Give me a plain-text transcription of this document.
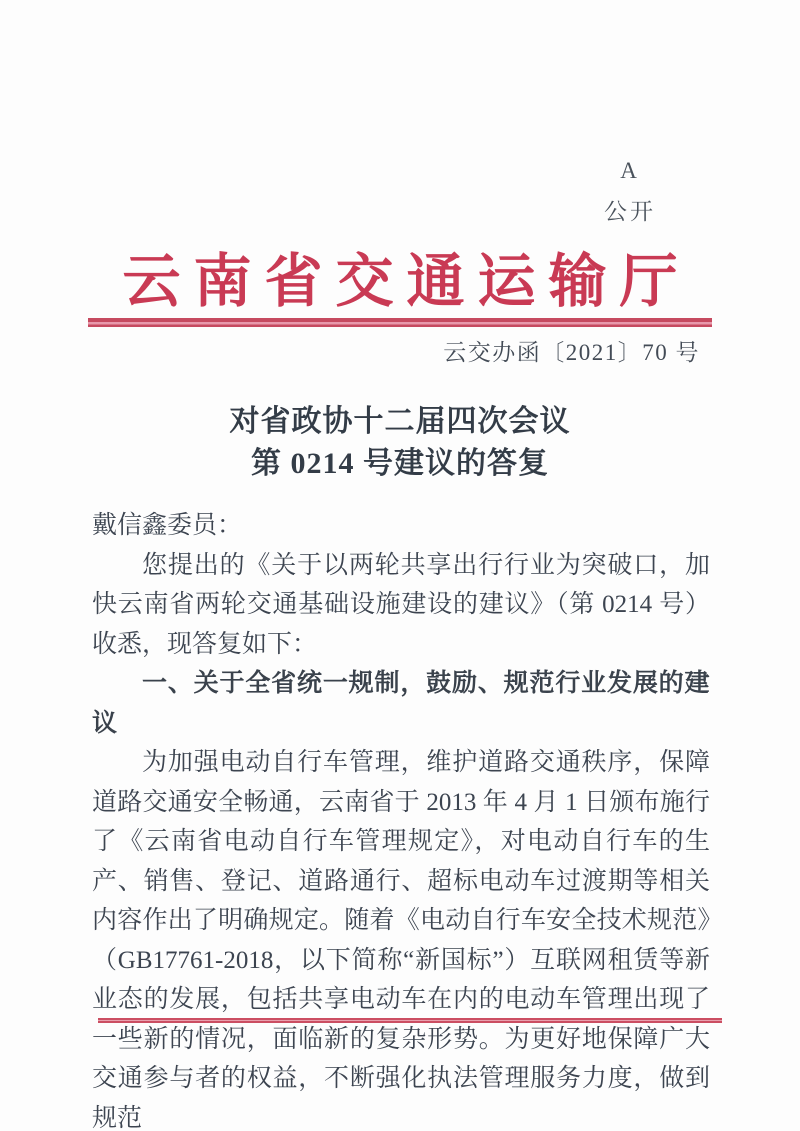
A
公开
云南省交通运输厅
云交办函〔2021〕70 号
对省政协十二届四次会议
第 0214 号建议的答复

戴信鑫委员：

您提出的《关于以两轮共享出行行业为突破口，加快云南省两轮交通基础设施建设的建议》（第 0214 号）收悉，现答复如下：

一、关于全省统一规制，鼓励、规范行业发展的建议

为加强电动自行车管理，维护道路交通秩序，保障道路交通安全畅通，云南省于 2013 年 4 月 1 日颁布施行了《云南省电动自行车管理规定》，对电动自行车的生产、销售、登记、道路通行、超标电动车过渡期等相关内容作出了明确规定。随着《电动自行车安全技术规范》（GB17761-2018，以下简称“新国标”）互联网租赁等新业态的发展，包括共享电动车在内的电动车管理出现了一些新的情况，面临新的复杂形势。为更好地保障广大交通参与者的权益，不断强化执法管理服务力度，做到规范
